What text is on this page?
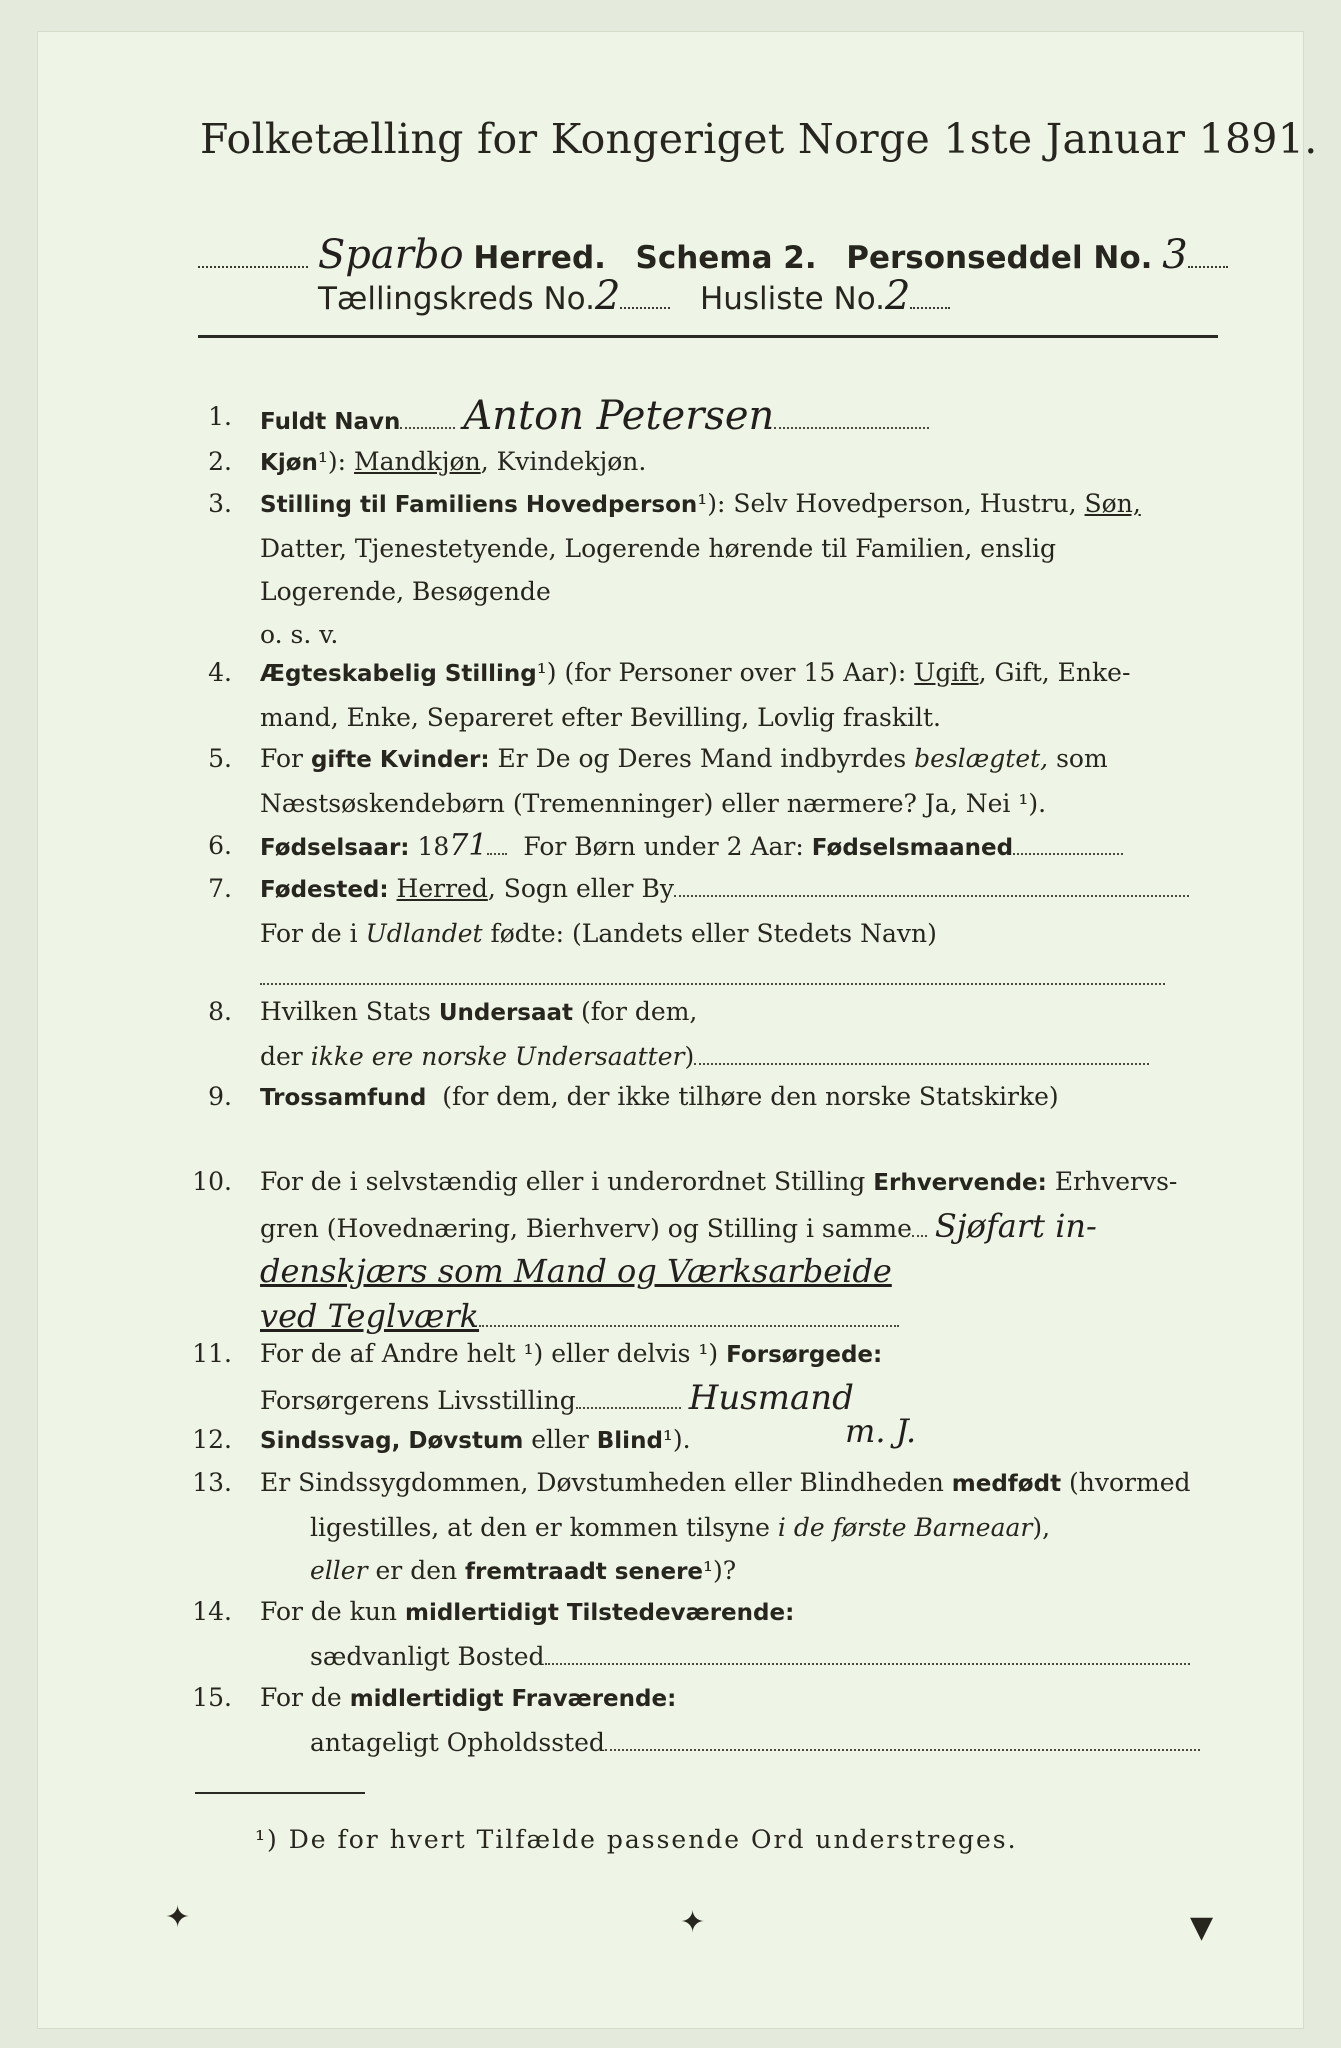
Folketælling for Kongeriget Norge 1ste Januar 1891.
Sparbo Herred. Schema 2. Personseddel No. 3
Tællingskreds No.2	Husliste No.2
1. Fuldt Navn Anton Petersen
2. Kjøn¹): Mandkjøn, Kvindekjøn.
3. Stilling til Familiens Hovedperson¹): Selv Hovedperson, Hustru, Søn,
Datter, Tjenestetyende, Logerende hørende til Familien, enslig
Logerende, Besøgende
o. s. v.
4. Ægteskabelig Stilling¹) (for Personer over 15 Aar): Ugift, Gift, Enke-
mand, Enke, Separeret efter Bevilling, Lovlig fraskilt.
5. For gifte Kvinder: Er De og Deres Mand indbyrdes beslægtet, som
Næstsøskendebørn (Tremenninger) eller nærmere? Ja, Nei ¹).
6. Fødselsaar: 1871 For Børn under 2 Aar: Fødselsmaaned
7. Fødested: Herred, Sogn eller By
For de i Udlandet fødte: (Landets eller Stedets Navn)
8. Hvilken Stats Undersaat (for dem,
der ikke ere norske Undersaatter)
9. Trossamfund (for dem, der ikke tilhøre den norske Statskirke)
10. For de i selvstændig eller i underordnet Stilling Erhvervende: Erhvervs-
gren (Hovednæring, Bierhverv) og Stilling i samme Sjøfart in-
denskjærs som Mand og Værksarbeide
ved Teglværk
11. For de af Andre helt ¹) eller delvis ¹) Forsørgede:
Forsørgerens Livsstilling	Husmand
12. Sindssvag, Døvstum eller Blind¹).	m. J.
13. Er Sindssygdommen, Døvstumheden eller Blindheden medfødt (hvormed
ligestilles, at den er kommen tilsyne i de første Barneaar),
eller er den fremtraadt senere¹)?
14. For de kun midlertidigt Tilstedeværende:
sædvanligt Bosted
15. For de midlertidigt Fraværende:
antageligt Opholdssted
¹) De for hvert Tilfælde passende Ord understreges.
✦	✦	▼
